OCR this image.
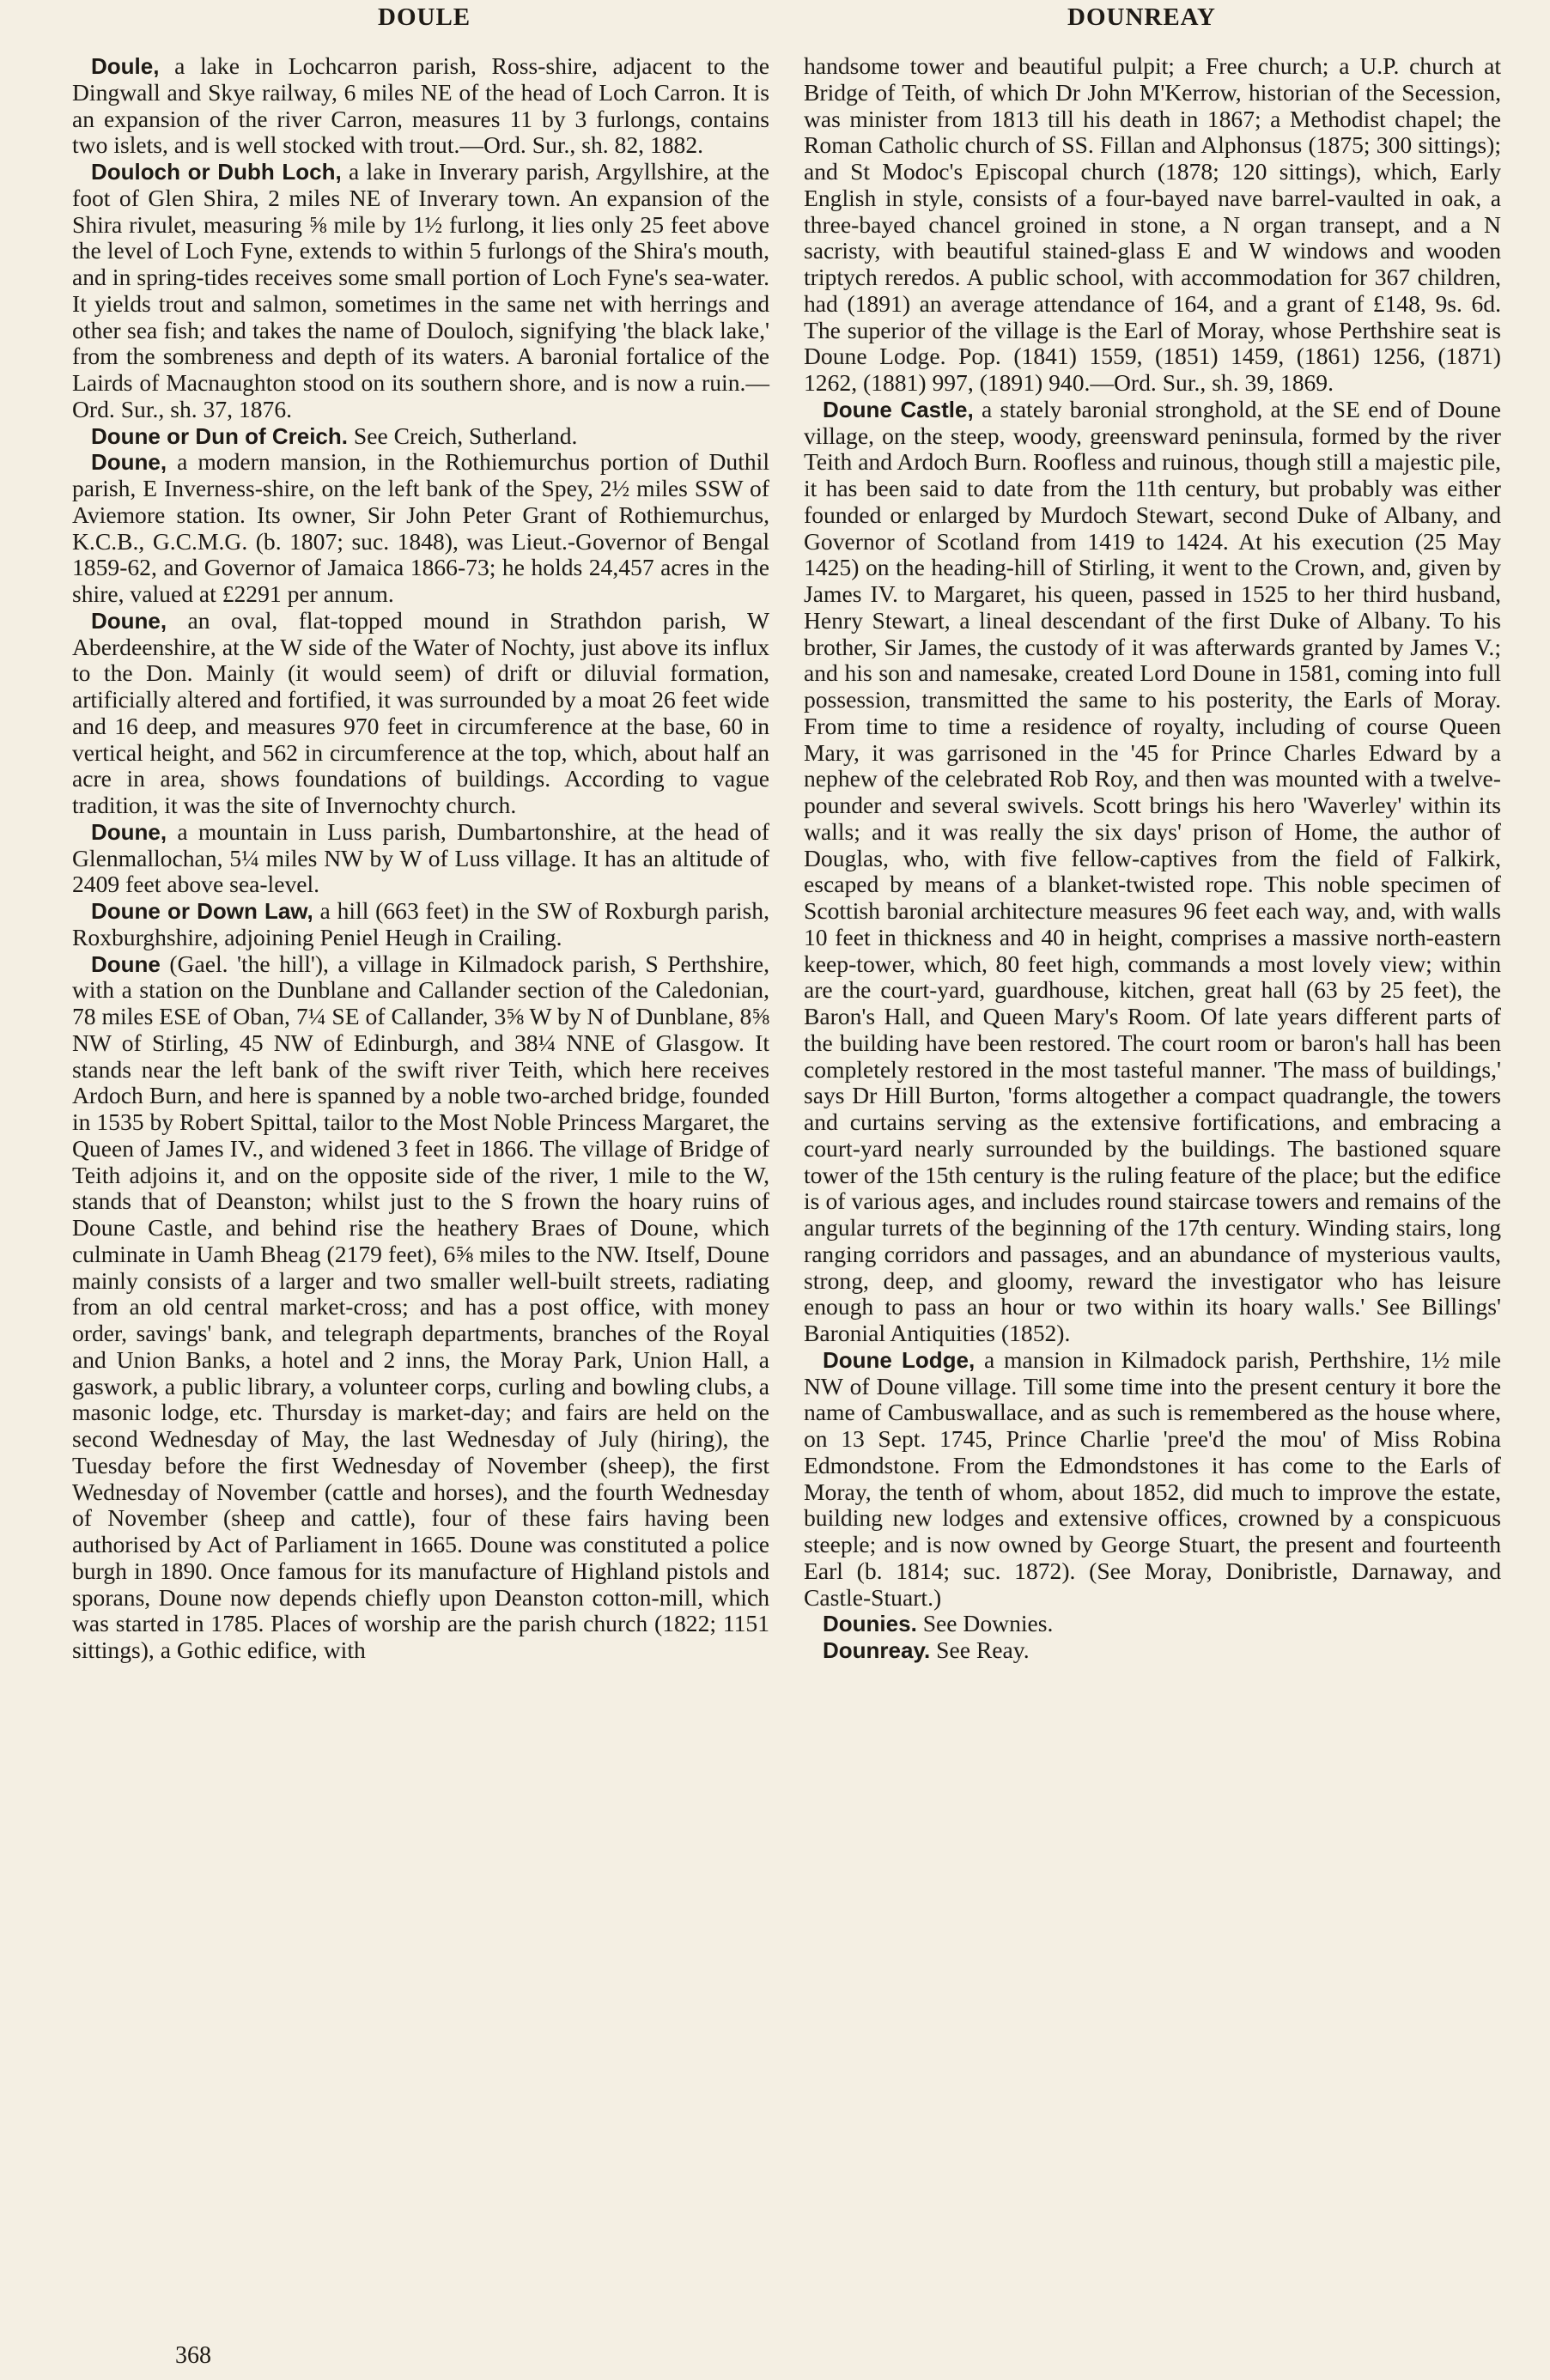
DOULE	DOUNREAY

Doule, a lake in Lochcarron parish, Ross-shire, adjacent to the Dingwall and Skye railway, 6 miles NE of the head of Loch Carron. It is an expansion of the river Carron, measures 11 by 3 furlongs, contains two islets, and is well stocked with trout.—Ord. Sur., sh. 82, 1882.

Douloch or Dubh Loch, a lake in Inverary parish, Argyllshire, at the foot of Glen Shira, 2 miles NE of Inverary town. An expansion of the Shira rivulet, measuring ⅝ mile by 1½ furlong, it lies only 25 feet above the level of Loch Fyne, extends to within 5 furlongs of the Shira's mouth, and in spring-tides receives some small portion of Loch Fyne's sea-water. It yields trout and salmon, sometimes in the same net with herrings and other sea fish; and takes the name of Douloch, signifying 'the black lake,' from the sombreness and depth of its waters. A baronial fortalice of the Lairds of Macnaughton stood on its southern shore, and is now a ruin.—Ord. Sur., sh. 37, 1876.

Doune or Dun of Creich. See Creich, Sutherland.

Doune, a modern mansion, in the Rothiemurchus portion of Duthil parish, E Inverness-shire, on the left bank of the Spey, 2½ miles SSW of Aviemore station. Its owner, Sir John Peter Grant of Rothiemurchus, K.C.B., G.C.M.G. (b. 1807; suc. 1848), was Lieut.-Governor of Bengal 1859-62, and Governor of Jamaica 1866-73; he holds 24,457 acres in the shire, valued at £2291 per annum.

Doune, an oval, flat-topped mound in Strathdon parish, W Aberdeenshire, at the W side of the Water of Nochty, just above its influx to the Don. Mainly (it would seem) of drift or diluvial formation, artificially altered and fortified, it was surrounded by a moat 26 feet wide and 16 deep, and measures 970 feet in circumference at the base, 60 in vertical height, and 562 in circumference at the top, which, about half an acre in area, shows foundations of buildings. According to vague tradition, it was the site of Invernochty church.

Doune, a mountain in Luss parish, Dumbartonshire, at the head of Glenmallochan, 5¼ miles NW by W of Luss village. It has an altitude of 2409 feet above sea-level.

Doune or Down Law, a hill (663 feet) in the SW of Roxburgh parish, Roxburghshire, adjoining Peniel Heugh in Crailing.

Doune (Gael. 'the hill'), a village in Kilmadock parish, S Perthshire, with a station on the Dunblane and Callander section of the Caledonian, 78 miles ESE of Oban, 7¼ SE of Callander, 3⅝ W by N of Dunblane, 8⅝ NW of Stirling, 45 NW of Edinburgh, and 38¼ NNE of Glasgow. It stands near the left bank of the swift river Teith, which here receives Ardoch Burn, and here is spanned by a noble two-arched bridge, founded in 1535 by Robert Spittal, tailor to the Most Noble Princess Margaret, the Queen of James IV., and widened 3 feet in 1866. The village of Bridge of Teith adjoins it, and on the opposite side of the river, 1 mile to the W, stands that of Deanston; whilst just to the S frown the hoary ruins of Doune Castle, and behind rise the heathery Braes of Doune, which culminate in Uamh Bheag (2179 feet), 6⅝ miles to the NW. Itself, Doune mainly consists of a larger and two smaller well-built streets, radiating from an old central market-cross; and has a post office, with money order, savings' bank, and telegraph departments, branches of the Royal and Union Banks, a hotel and 2 inns, the Moray Park, Union Hall, a gaswork, a public library, a volunteer corps, curling and bowling clubs, a masonic lodge, etc. Thursday is market-day; and fairs are held on the second Wednesday of May, the last Wednesday of July (hiring), the Tuesday before the first Wednesday of November (sheep), the first Wednesday of November (cattle and horses), and the fourth Wednesday of November (sheep and cattle), four of these fairs having been authorised by Act of Parliament in 1665. Doune was constituted a police burgh in 1890. Once famous for its manufacture of Highland pistols and sporans, Doune now depends chiefly upon Deanston cotton-mill, which was started in 1785. Places of worship are the parish church (1822; 1151 sittings), a Gothic edifice, with

handsome tower and beautiful pulpit; a Free church; a U.P. church at Bridge of Teith, of which Dr John M'Kerrow, historian of the Secession, was minister from 1813 till his death in 1867; a Methodist chapel; the Roman Catholic church of SS. Fillan and Alphonsus (1875; 300 sittings); and St Modoc's Episcopal church (1878; 120 sittings), which, Early English in style, consists of a four-bayed nave barrel-vaulted in oak, a three-bayed chancel groined in stone, a N organ transept, and a N sacristy, with beautiful stained-glass E and W windows and wooden triptych reredos. A public school, with accommodation for 367 children, had (1891) an average attendance of 164, and a grant of £148, 9s. 6d. The superior of the village is the Earl of Moray, whose Perthshire seat is Doune Lodge. Pop. (1841) 1559, (1851) 1459, (1861) 1256, (1871) 1262, (1881) 997, (1891) 940.—Ord. Sur., sh. 39, 1869.

Doune Castle, a stately baronial stronghold, at the SE end of Doune village, on the steep, woody, greensward peninsula, formed by the river Teith and Ardoch Burn. Roofless and ruinous, though still a majestic pile, it has been said to date from the 11th century, but probably was either founded or enlarged by Murdoch Stewart, second Duke of Albany, and Governor of Scotland from 1419 to 1424. At his execution (25 May 1425) on the heading-hill of Stirling, it went to the Crown, and, given by James IV. to Margaret, his queen, passed in 1525 to her third husband, Henry Stewart, a lineal descendant of the first Duke of Albany. To his brother, Sir James, the custody of it was afterwards granted by James V.; and his son and namesake, created Lord Doune in 1581, coming into full possession, transmitted the same to his posterity, the Earls of Moray. From time to time a residence of royalty, including of course Queen Mary, it was garrisoned in the '45 for Prince Charles Edward by a nephew of the celebrated Rob Roy, and then was mounted with a twelve-pounder and several swivels. Scott brings his hero 'Waverley' within its walls; and it was really the six days' prison of Home, the author of Douglas, who, with five fellow-captives from the field of Falkirk, escaped by means of a blanket-twisted rope. This noble specimen of Scottish baronial architecture measures 96 feet each way, and, with walls 10 feet in thickness and 40 in height, comprises a massive north-eastern keep-tower, which, 80 feet high, commands a most lovely view; within are the court-yard, guardhouse, kitchen, great hall (63 by 25 feet), the Baron's Hall, and Queen Mary's Room. Of late years different parts of the building have been restored. The court room or baron's hall has been completely restored in the most tasteful manner. 'The mass of buildings,' says Dr Hill Burton, 'forms altogether a compact quadrangle, the towers and curtains serving as the extensive fortifications, and embracing a court-yard nearly surrounded by the buildings. The bastioned square tower of the 15th century is the ruling feature of the place; but the edifice is of various ages, and includes round staircase towers and remains of the angular turrets of the beginning of the 17th century. Winding stairs, long ranging corridors and passages, and an abundance of mysterious vaults, strong, deep, and gloomy, reward the investigator who has leisure enough to pass an hour or two within its hoary walls.' See Billings' Baronial Antiquities (1852).

Doune Lodge, a mansion in Kilmadock parish, Perthshire, 1½ mile NW of Doune village. Till some time into the present century it bore the name of Cambuswallace, and as such is remembered as the house where, on 13 Sept. 1745, Prince Charlie 'pree'd the mou' of Miss Robina Edmondstone. From the Edmondstones it has come to the Earls of Moray, the tenth of whom, about 1852, did much to improve the estate, building new lodges and extensive offices, crowned by a conspicuous steeple; and is now owned by George Stuart, the present and fourteenth Earl (b. 1814; suc. 1872). (See Moray, Donibristle, Darnaway, and Castle-Stuart.)

Dounies. See Downies.

Dounreay. See Reay.

368
